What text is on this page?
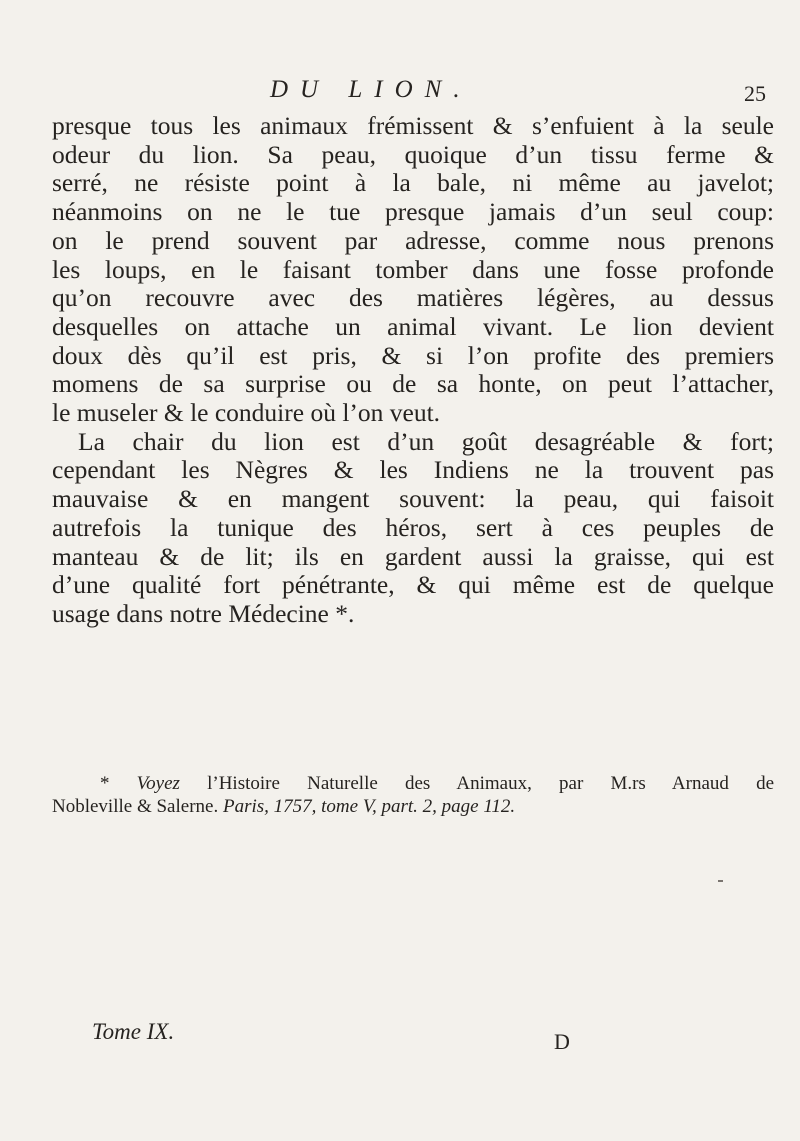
DU LION.	25
presque tous les animaux frémissent & s’enfuient à la seule
odeur du lion. Sa peau, quoique d’un tissu ferme &
serré, ne résiste point à la bale, ni même au javelot;
néanmoins on ne le tue presque jamais d’un seul coup:
on le prend souvent par adresse, comme nous prenons
les loups, en le faisant tomber dans une fosse profonde
qu’on recouvre avec des matières légères, au dessus
desquelles on attache un animal vivant. Le lion devient
doux dès qu’il est pris, & si l’on profite des premiers
momens de sa surprise ou de sa honte, on peut l’attacher,
le museler & le conduire où l’on veut.
La chair du lion est d’un goût desagréable & fort;
cependant les Nègres & les Indiens ne la trouvent pas
mauvaise & en mangent souvent: la peau, qui faisoit
autrefois la tunique des héros, sert à ces peuples de
manteau & de lit; ils en gardent aussi la graisse, qui est
d’une qualité fort pénétrante, & qui même est de quelque
usage dans notre Médecine *.
* Voyez l’Histoire Naturelle des Animaux, par M.rs Arnaud de
Nobleville & Salerne. Paris, 1757, tome V, part. 2, page 112.
Tome IX.	D
